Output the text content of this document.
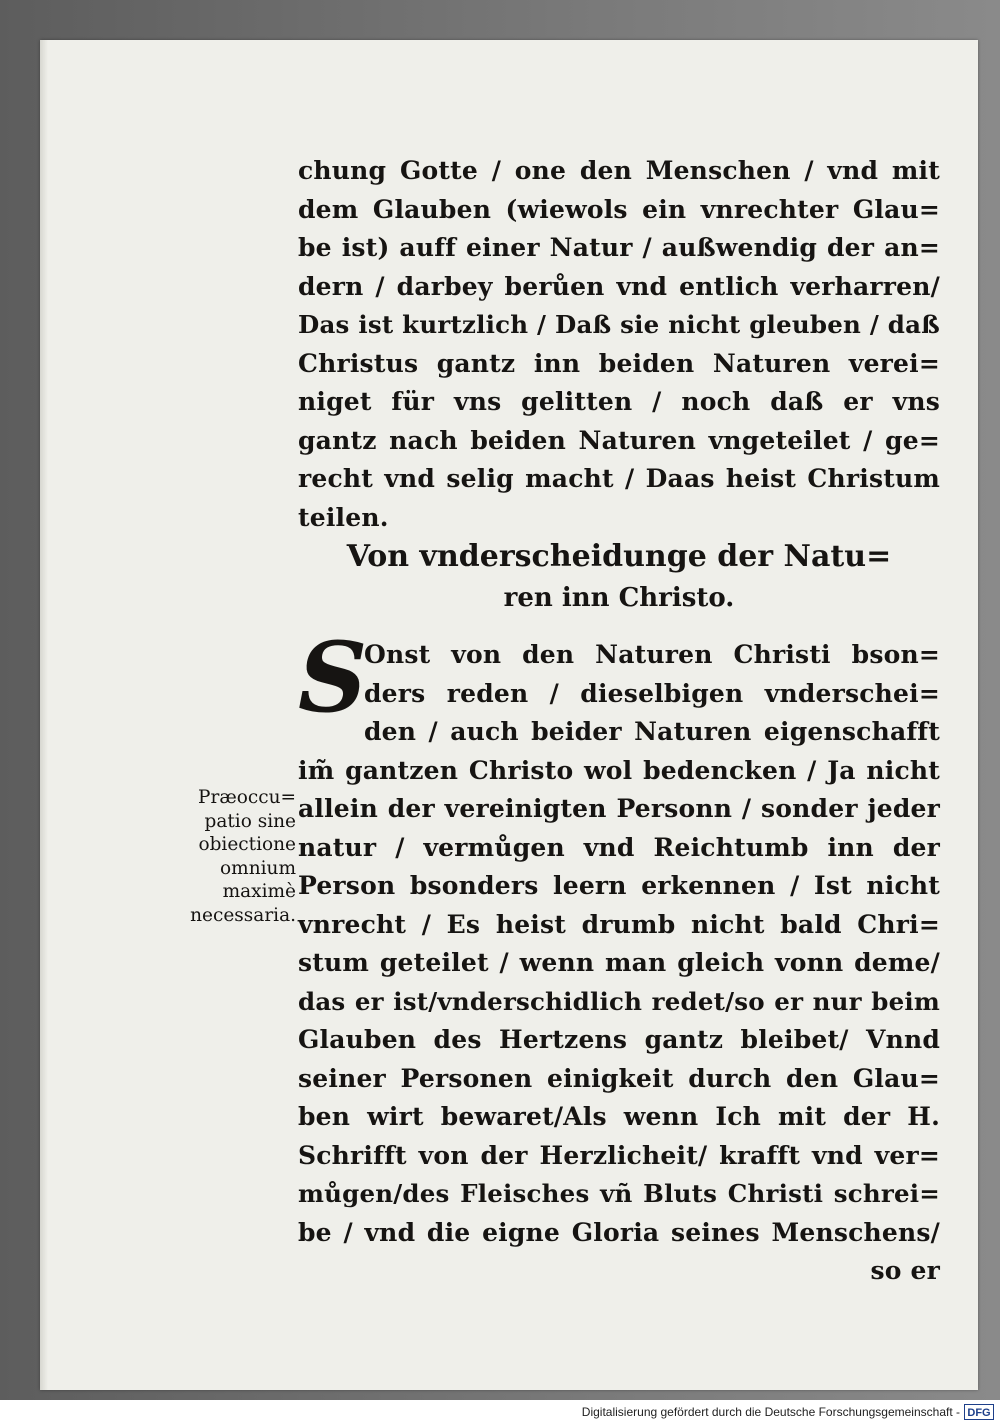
chung Gotte / one den Menschen / vnd mit
dem Glauben (wiewols ein vnrechter Glau=
be ist) auff einer Natur / außwendig der an=
dern / darbey berůen vnd entlich verharren/
Das ist kurtzlich / Daß sie nicht gleuben / daß
Christus gantz inn beiden Naturen verei=
niget für vns gelitten / noch daß er vns
gantz nach beiden Naturen vngeteilet / ge=
recht vnd selig macht / Daas heist Christum
teilen.
Von vnderscheidunge der Natu=
ren inn Christo.
S
Onst von den Naturen Christi bson=
ders reden / dieselbigen vnderschei=
den / auch beider Naturen eigenschafft
im̃ gantzen Christo wol bedencken / Ja nicht
allein der vereinigten Personn / sonder jeder
natur / vermůgen vnd Reichtumb inn der
Person bsonders leern erkennen / Ist nicht
vnrecht / Es heist drumb nicht bald Chri=
stum geteilet / wenn man gleich vonn deme/
das er ist/vnderschidlich redet/so er nur beim
Glauben des Hertzens gantz bleibet/ Vnnd
seiner Personen einigkeit durch den Glau=
ben wirt bewaret/Als wenn Ich mit der H.
Schrifft von der Herzlicheit/ krafft vnd ver=
můgen/des Fleisches vñ Bluts Christi schrei=
be / vnd die eigne Gloria seines Menschens/
so er
Præoccu=
patio sine
obiectione
omnium
maximè
necessaria.
Digitalisierung gefördert durch die Deutsche Forschungsgemeinschaft - DFG
